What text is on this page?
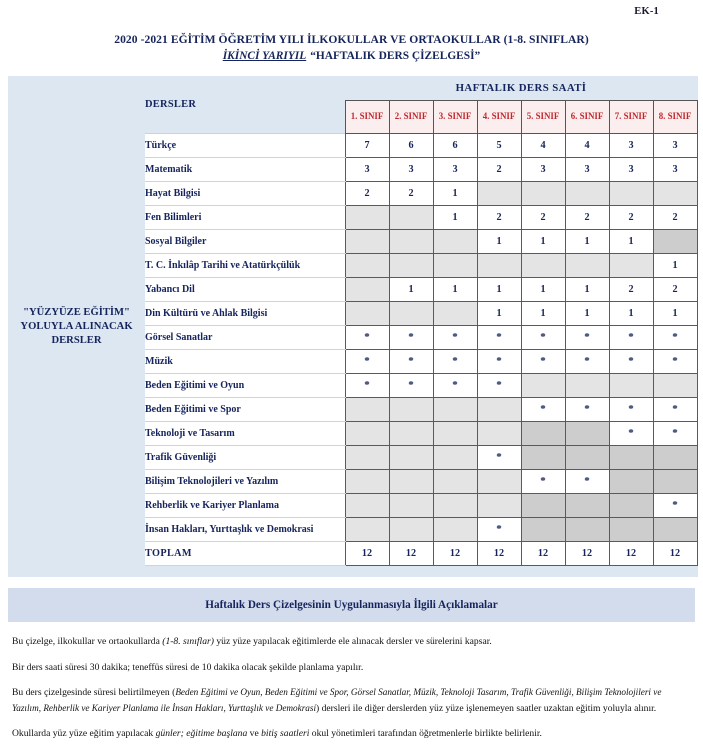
EK-1
2020 -2021 EĞİTİM ÖĞRETİM YILI İLKOKULLAR VE ORTAOKULLAR (1-8. SINIFLAR)
İKİNCİ YARIYIL “HAFTALIK DERS ÇİZELGESİ”
"YÜZYÜZE EĞİTİM" YOLUYLA ALINACAK DERSLER	DERSLER	HAFTALIK DERS SAATİ							
		1. SINIF	2. SINIF	3. SINIF	4. SINIF	5. SINIF	6. SINIF	7. SINIF	8. SINIF
	Türkçe	7	6	6	5	4	4	3	3
	Matematik	3	3	3	2	3	3	3	3
	Hayat Bilgisi	2	2	1					
	Fen Bilimleri			1	2	2	2	2	2
	Sosyal Bilgiler				1	1	1	1	
	T. C. İnkılâp Tarihi ve Atatürkçülük								1
	Yabancı Dil		1	1	1	1	1	2	2
	Din Kültürü ve Ahlak Bilgisi				1	1	1	1	1
	Görsel Sanatlar	*	*	*	*	*	*	*	*
	Müzik	*	*	*	*	*	*	*	*
	Beden Eğitimi ve Oyun	*	*	*	*				
	Beden Eğitimi ve Spor					*	*	*	*
	Teknoloji ve Tasarım							*	*
	Trafik Güvenliği				*				
	Bilişim Teknolojileri ve Yazılım					*	*		
	Rehberlik ve Kariyer Planlama								*
	İnsan Hakları, Yurttaşlık ve Demokrasi				*				
	TOPLAM	12	12	12	12	12	12	12	12

Haftalık Ders Çizelgesinin Uygulanmasıyla İlgili Açıklamalar
Bu çizelge, ilkokullar ve ortaokullarda (1-8. sınıflar) yüz yüze yapılacak eğitimlerde ele alınacak dersler ve sürelerini kapsar.
Bir ders saati süresi 30 dakika; teneffüs süresi de 10 dakika olacak şekilde planlama yapılır.
Bu ders çizelgesinde süresi belirtilmeyen (Beden Eğitimi ve Oyun, Beden Eğitimi ve Spor, Görsel Sanatlar, Müzik, Teknoloji Tasarım, Trafik Güvenliği, Bilişim Teknolojileri ve Yazılım, Rehberlik ve Kariyer Planlama ile İnsan Hakları, Yurttaşlık ve Demokrasi) dersleri ile diğer derslerden yüz yüze işlenemeyen saatler uzaktan eğitim yoluyla alınır.
Okullarda yüz yüze eğitim yapılacak günler; eğitime başlana ve bitiş saatleri okul yönetimleri tarafından öğretmenlerle birlikte belirlenir.
